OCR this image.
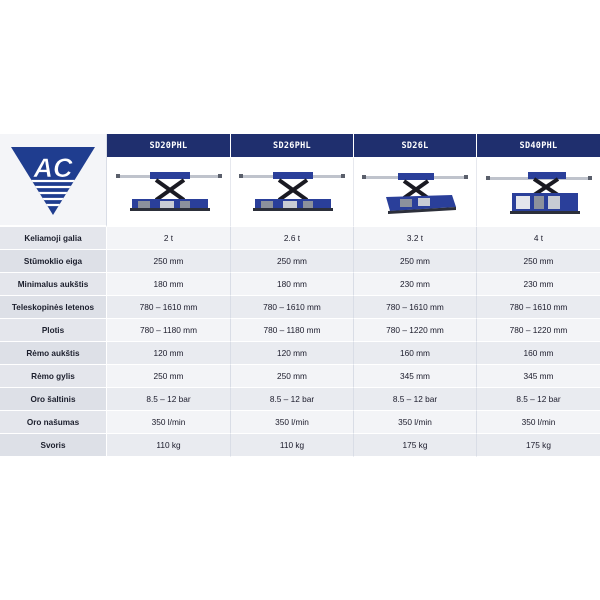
AC	SD20PHL	SD26PHL	SD26L	SD40PHL

Keliamoji galia	2 t	2.6 t	3.2 t	4 t
Stūmoklio eiga	250 mm	250 mm	250 mm	250 mm
Minimalus aukštis	180 mm	180 mm	230 mm	230 mm
Teleskopinės letenos	780 – 1610 mm	780 – 1610 mm	780 – 1610 mm	780 – 1610 mm
Plotis	780 – 1180 mm	780 – 1180 mm	780 – 1220 mm	780 – 1220 mm
Rėmo aukštis	120 mm	120 mm	160 mm	160 mm
Rėmo gylis	250 mm	250 mm	345 mm	345 mm
Oro šaltinis	8.5 – 12 bar	8.5 – 12 bar	8.5 – 12 bar	8.5 – 12 bar
Oro našumas	350 l/min	350 l/min	350 l/min	350 l/min
Svoris	110 kg	110 kg	175 kg	175 kg
